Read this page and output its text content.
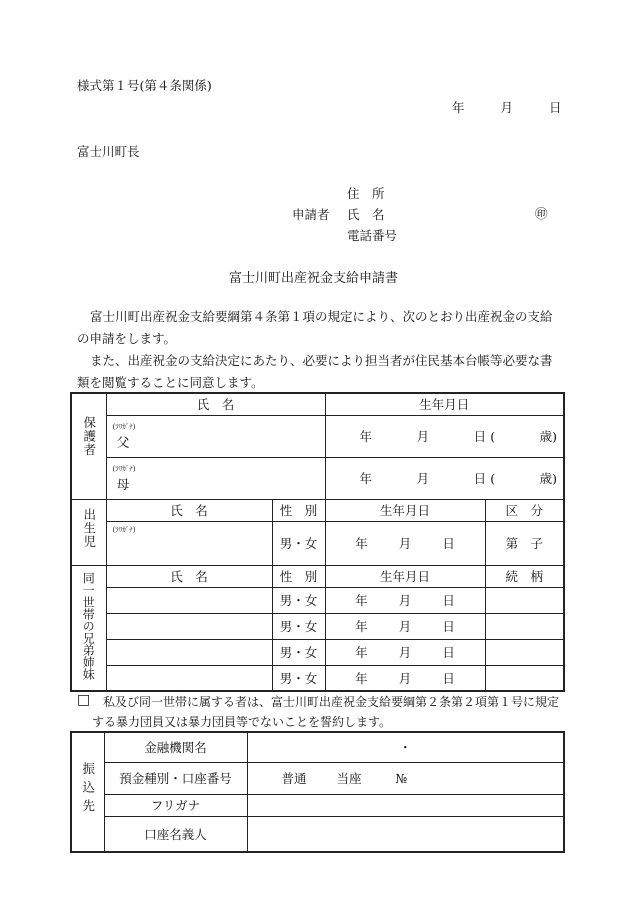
様式第１号(第４条関係)
年	月	日
富士川町長
住　所
申請者 氏　名	㊞
電話番号
富士川町出産祝金支給申請書
富士川町出産祝金支給要綱第４条第１項の規定により、次のとおり出産祝金の支給の申請をします。
また、出産祝金の支給決定にあたり、必要により担当者が住民基本台帳等必要な書類を閲覧することに同意します。
保護者	氏　名		生年月日	

	(ﾌﾘｶﾞﾅ)
父		年 月 日 ( 歳)	

	(ﾌﾘｶﾞﾅ)
母		年 月 日 ( 歳)	

出生児	氏　名	性　別	生年月日	区　分

	(ﾌﾘｶﾞﾅ)	男・女	年 月 日	第 子

同一世帯の兄弟姉妹	氏　名	性　別	生年月日	続　柄
		男・女	年 月 日	

		男・女	年 月 日	

		男・女	年 月 日	

		男・女	年 月 日	

□ 私及び同一世帯に属する者は、富士川町出産祝金支給要綱第２条第２項第１号に規定
する暴力団員又は暴力団員等でないことを誓約します。
振込先	金融機関名	・
	預金種別・口座番号	普通 当座 №
	フリガナ	
	口座名義人	
